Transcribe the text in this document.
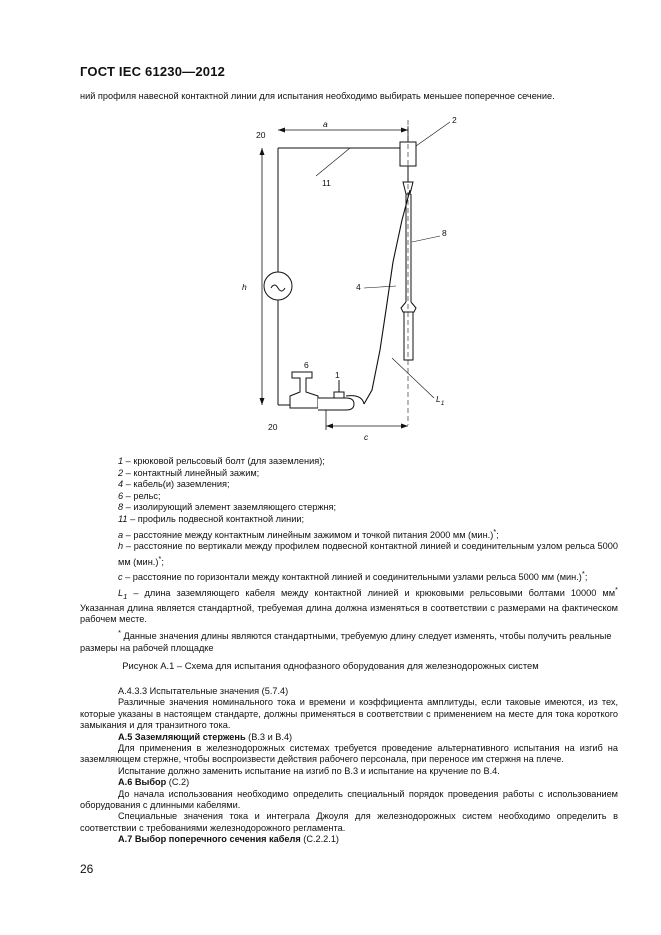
ГОСТ IEC 61230—2012
ний профиля навесной контактной линии для испытания необходимо выбирать меньшее поперечное сечение.
20
20
a	2
11
8
h	4
6
1
$L_1$
c
1 – крюковой рельсовый болт (для заземления);
2 – контактный линейный зажим;
4 – кабель(и) заземления;
6 – рельс;
8 – изолирующий элемент заземляющего стержня;
11 – профиль подвесной контактной линии;
a – расстояние между контактным линейным зажимом и точкой питания 2000 мм (мин.)*;
h – расстояние по вертикали между профилем подвесной контактной линией и соединительным узлом рельса 5000 мм (мин.)*;
c – расстояние по горизонтали между контактной линией и соединительными узлами рельса 5000 мм (мин.)*;
$L_1$ – длина заземляющего кабеля между контактной линией и крюковыми рельсовыми болтами 10000 мм* Указанная длина является стандартной, требуемая длина должна изменяться в соответствии с размерами на фактическом рабочем месте.
* Данные значения длины являются стандартными, требуемую длину следует изменять, чтобы получить реальные размеры на рабочей площадке
Рисунок А.1 – Схема для испытания однофазного оборудования для железнодорожных систем

А.4.3.3 Испытательные значения (5.7.4)

Различные значения номинального тока и времени и коэффициента амплитуды, если таковые имеются, из тех, которые указаны в настоящем стандарте, должны применяться в соответствии с применением на месте для тока короткого замыкания и для транзитного тока.

А.5 Заземляющий стержень (В.3 и В.4)

Для применения в железнодорожных системах требуется проведение альтернативного испытания на изгиб на заземляющем стержне, чтобы воспроизвести действия рабочего персонала, при переносе им стержня на плече.

Испытание должно заменить испытание на изгиб по В.3 и испытание на кручение по В.4.

А.6 Выбор (С.2)

До начала использования необходимо определить специальный порядок проведения работы с использованием оборудования с длинными кабелями.

Специальные значения тока и интеграла Джоуля для железнодорожных систем необходимо определить в соответствии с требованиями железнодорожного регламента.

А.7 Выбор поперечного сечения кабеля (С.2.2.1)

26
